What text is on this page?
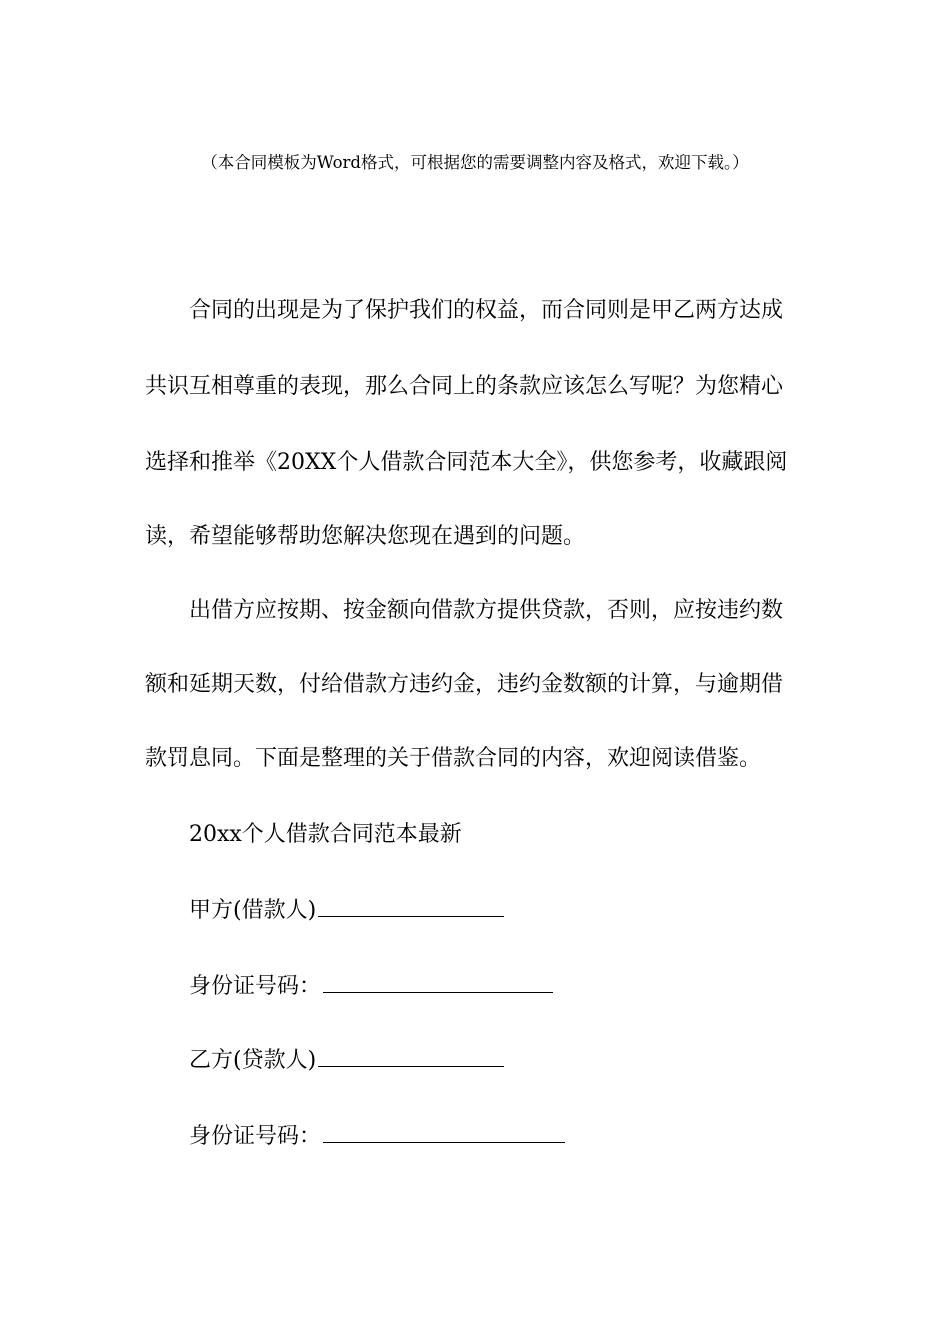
（本合同模板为Word格式，可根据您的需要调整内容及格式，欢迎下载。）
合同的出现是为了保护我们的权益，而合同则是甲乙两方达成
共识互相尊重的表现，那么合同上的条款应该怎么写呢？为您精心
选择和推举《20XX个人借款合同范本大全》，供您参考，收藏跟阅
读，希望能够帮助您解决您现在遇到的问题。
出借方应按期、按金额向借款方提供贷款，否则，应按违约数
额和延期天数，付给借款方违约金，违约金数额的计算，与逾期借
款罚息同。下面是整理的关于借款合同的内容，欢迎阅读借鉴。
20xx个人借款合同范本最新
甲方(借款人)
身份证号码：
乙方(贷款人)
身份证号码：
